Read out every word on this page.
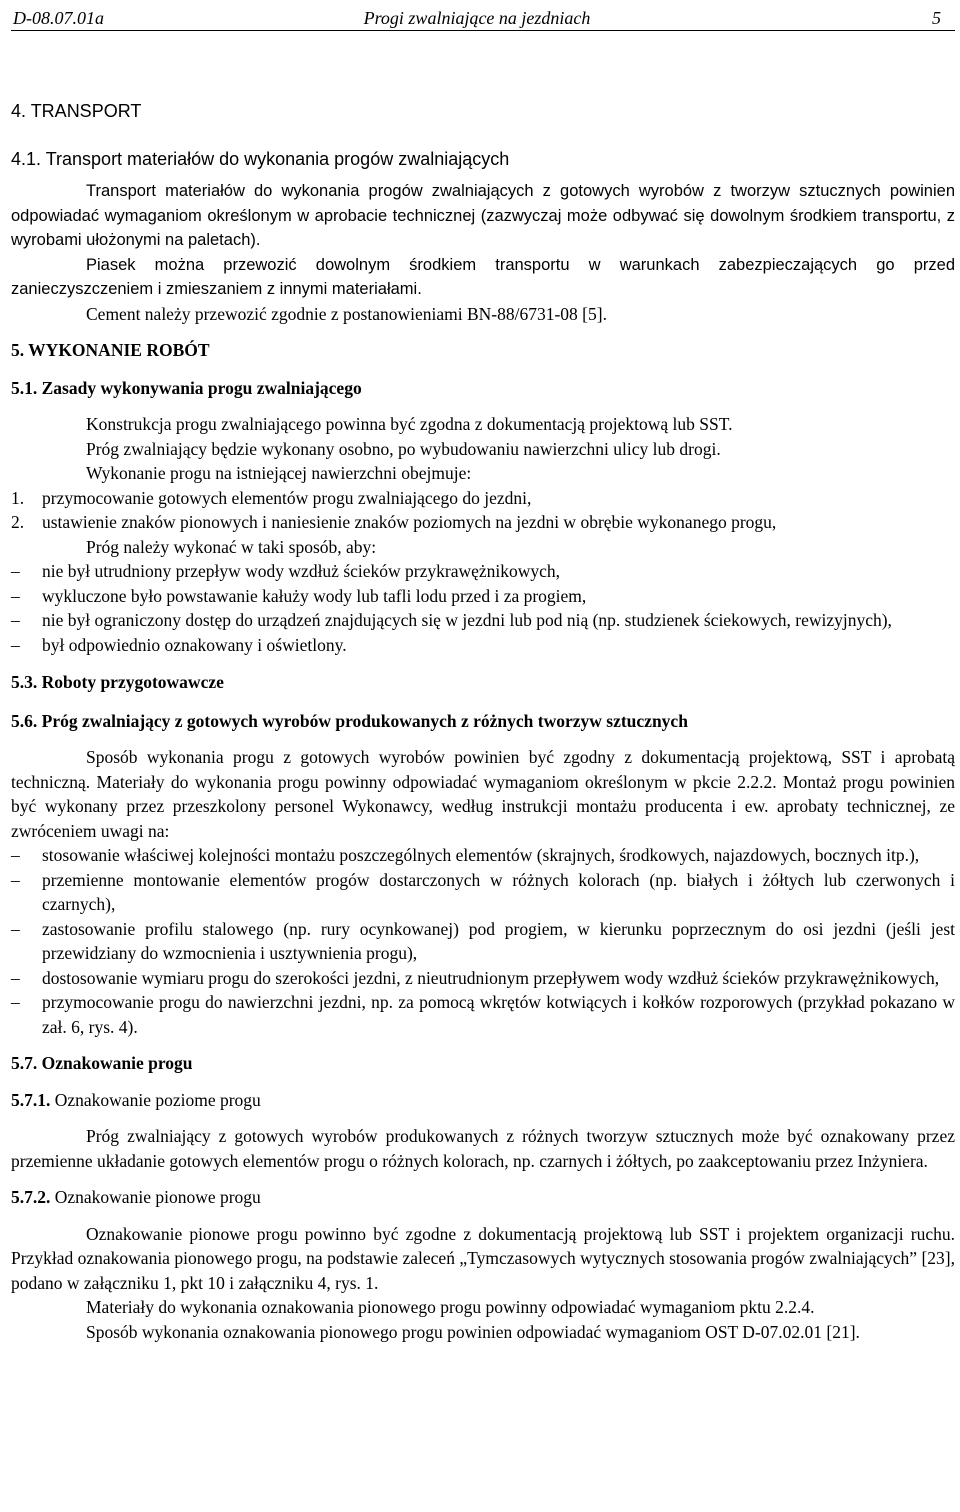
D-08.07.01a	Progi zwalniające na jezdniach	5
4. TRANSPORT
4.1. Transport materiałów do wykonania progów zwalniających

Transport materiałów do wykonania progów zwalniających z gotowych wyrobów z tworzyw sztucznych powinien odpowiadać wymaganiom określonym w aprobacie technicznej (zazwyczaj może odbywać się dowolnym środkiem transportu, z wyrobami ułożonymi na paletach).

Piasek można przewozić dowolnym środkiem transportu w warunkach zabezpieczających go przed zanieczyszczeniem i zmieszaniem z innymi materiałami.

Cement należy przewozić zgodnie z postanowieniami BN-88/6731-08 [5].

5. WYKONANIE ROBÓT
5.1. Zasady wykonywania progu zwalniającego

Konstrukcja progu zwalniającego powinna być zgodna z dokumentacją projektową lub SST.

Próg zwalniający będzie wykonany osobno, po wybudowaniu nawierzchni ulicy lub drogi.

Wykonanie progu na istniejącej nawierzchni obejmuje:

1. przymocowanie gotowych elementów progu zwalniającego do jezdni,
2. ustawienie znaków pionowych i naniesienie znaków poziomych na jezdni w obrębie wykonanego progu,

Próg należy wykonać w taki sposób, aby:

– nie był utrudniony przepływ wody wzdłuż ścieków przykrawężnikowych,
– wykluczone było powstawanie kałuży wody lub tafli lodu przed i za progiem,
– nie był ograniczony dostęp do urządzeń znajdujących się w jezdni lub pod nią (np. studzienek ściekowych, rewizyjnych),
– był odpowiednio oznakowany i oświetlony.
5.3. Roboty przygotowawcze
5.6. Próg zwalniający z gotowych wyrobów produkowanych z różnych tworzyw sztucznych

Sposób wykonania progu z gotowych wyrobów powinien być zgodny z dokumentacją projektową, SST i aprobatą techniczną. Materiały do wykonania progu powinny odpowiadać wymaganiom określonym w pkcie 2.2.2. Montaż progu powinien być wykonany przez przeszkolony personel Wykonawcy, według instrukcji montażu producenta i ew. aprobaty technicznej, ze zwróceniem uwagi na:

– stosowanie właściwej kolejności montażu poszczególnych elementów (skrajnych, środkowych, najazdowych, bocznych itp.),
– przemienne montowanie elementów progów dostarczonych w różnych kolorach (np. białych i żółtych lub czerwonych i czarnych),
– zastosowanie profilu stalowego (np. rury ocynkowanej) pod progiem, w kierunku poprzecznym do osi jezdni (jeśli jest przewidziany do wzmocnienia i usztywnienia progu),
– dostosowanie wymiaru progu do szerokości jezdni, z nieutrudnionym przepływem wody wzdłuż ścieków przykrawężnikowych,
– przymocowanie progu do nawierzchni jezdni, np. za pomocą wkrętów kotwiących i kołków rozporowych (przykład pokazano w zał. 6, rys. 4).
5.7. Oznakowanie progu
5.7.1. Oznakowanie poziome progu

Próg zwalniający z gotowych wyrobów produkowanych z różnych tworzyw sztucznych może być oznakowany przez przemienne układanie gotowych elementów progu o różnych kolorach, np. czarnych i żółtych, po zaakceptowaniu przez Inżyniera.

5.7.2. Oznakowanie pionowe progu

Oznakowanie pionowe progu powinno być zgodne z dokumentacją projektową lub SST i projektem organizacji ruchu. Przykład oznakowania pionowego progu, na podstawie zaleceń „Tymczasowych wytycznych stosowania progów zwalniających” [23], podano w załączniku 1, pkt 10 i załączniku 4, rys. 1.

Materiały do wykonania oznakowania pionowego progu powinny odpowiadać wymaganiom pktu 2.2.4.

Sposób wykonania oznakowania pionowego progu powinien odpowiadać wymaganiom OST D-07.02.01 [21].
